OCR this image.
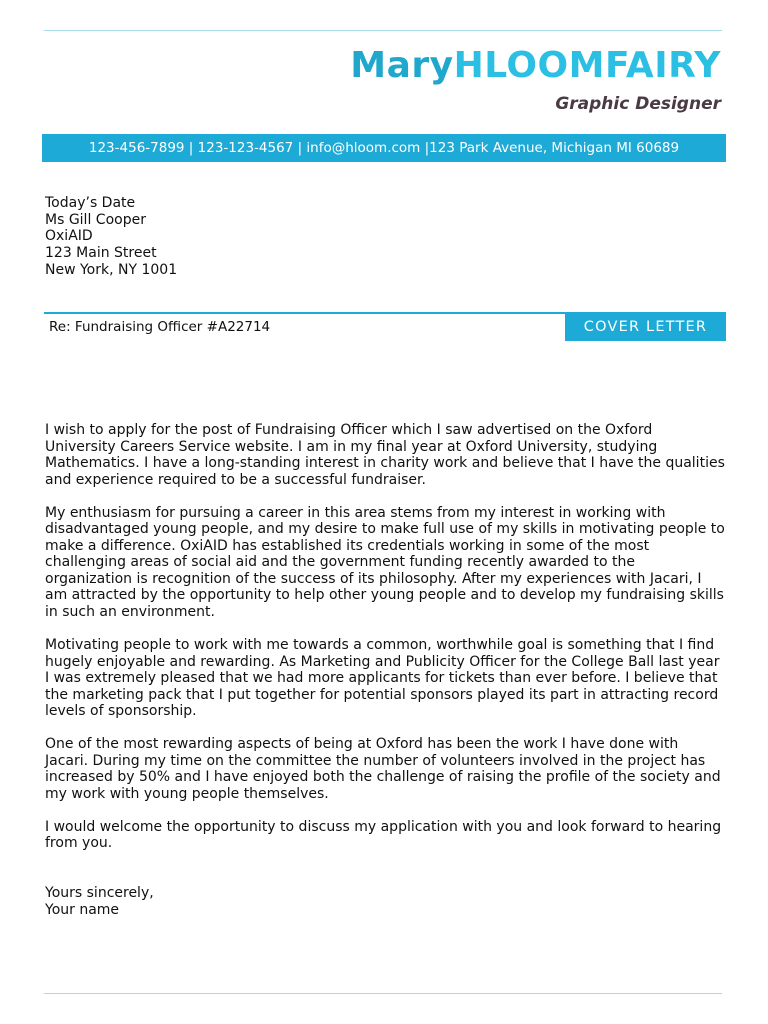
MaryHLOOMFAIRY
Graphic Designer
123-456-7899 | 123-123-4567 | info@hloom.com |123 Park Avenue, Michigan MI 60689
Today’s Date
Ms Gill Cooper
OxiAID
123 Main Street
New York, NY 1001
Re: Fundraising Officer #A22714	COVER LETTER

I wish to apply for the post of Fundraising Officer which I saw advertised on the Oxford University Careers Service website. I am in my final year at Oxford University, studying Mathematics. I have a long-standing interest in charity work and believe that I have the qualities and experience required to be a successful fundraiser.

My enthusiasm for pursuing a career in this area stems from my interest in working with disadvantaged young people, and my desire to make full use of my skills in motivating people to make a difference. OxiAID has established its credentials working in some of the most challenging areas of social aid and the government funding recently awarded to the organization is recognition of the success of its philosophy. After my experiences with Jacari, I am attracted by the opportunity to help other young people and to develop my fundraising skills in such an environment.

Motivating people to work with me towards a common, worthwhile goal is something that I find hugely enjoyable and rewarding. As Marketing and Publicity Officer for the College Ball last year I was extremely pleased that we had more applicants for tickets than ever before. I believe that the marketing pack that I put together for potential sponsors played its part in attracting record levels of sponsorship.

One of the most rewarding aspects of being at Oxford has been the work I have done with Jacari. During my time on the committee the number of volunteers involved in the project has increased by 50% and I have enjoyed both the challenge of raising the profile of the society and my work with young people themselves.

I would welcome the opportunity to discuss my application with you and look forward to hearing from you.

Yours sincerely,
Your name
